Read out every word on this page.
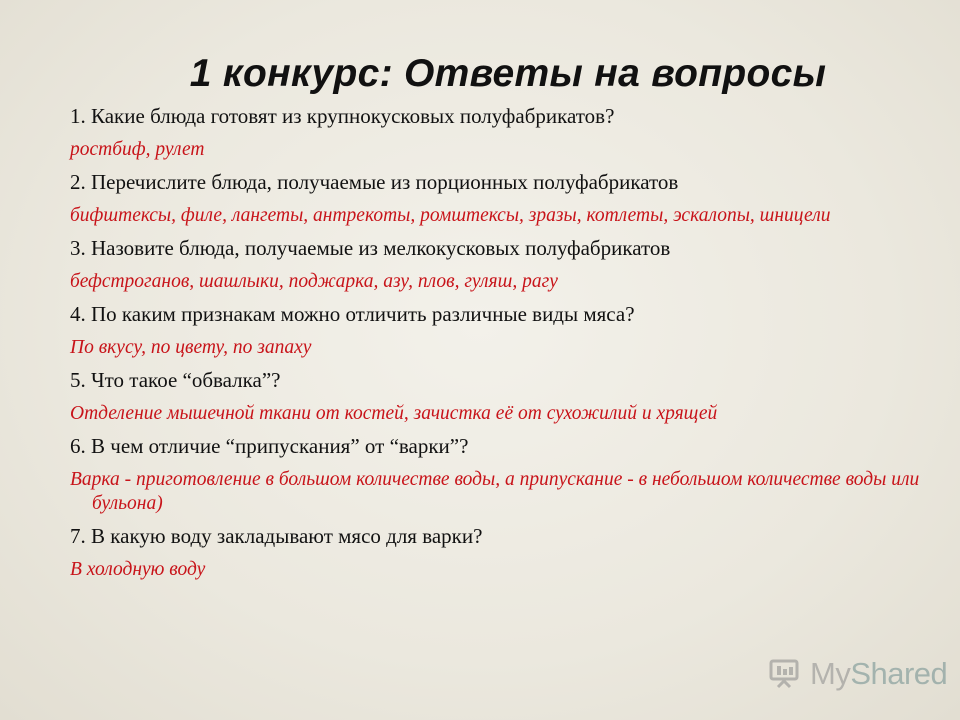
1 конкурс: Ответы на вопросы
1. Какие блюда готовят из крупнокусковых полуфабрикатов?
ростбиф, рулет
2. Перечислите блюда, получаемые из порционных полуфабрикатов
бифштексы, филе, лангеты, антрекоты, ромштексы, зразы, котлеты, эскалопы, шницели
3. Назовите блюда, получаемые из мелкокусковых полуфабрикатов
бефстроганов, шашлыки, поджарка, азу, плов, гуляш, рагу
4. По каким признакам можно отличить различные виды мяса?
По вкусу, по цвету, по запаху
5. Что такое “обвалка”?
Отделение мышечной ткани от костей, зачистка её от сухожилий и хрящей
6. В чем отличие “припускания” от “варки”?
Варка - приготовление в большом количестве воды, а припускание - в небольшом количестве воды или бульона)
7. В какую воду закладывают мясо для варки?
В холодную воду
MyShared
